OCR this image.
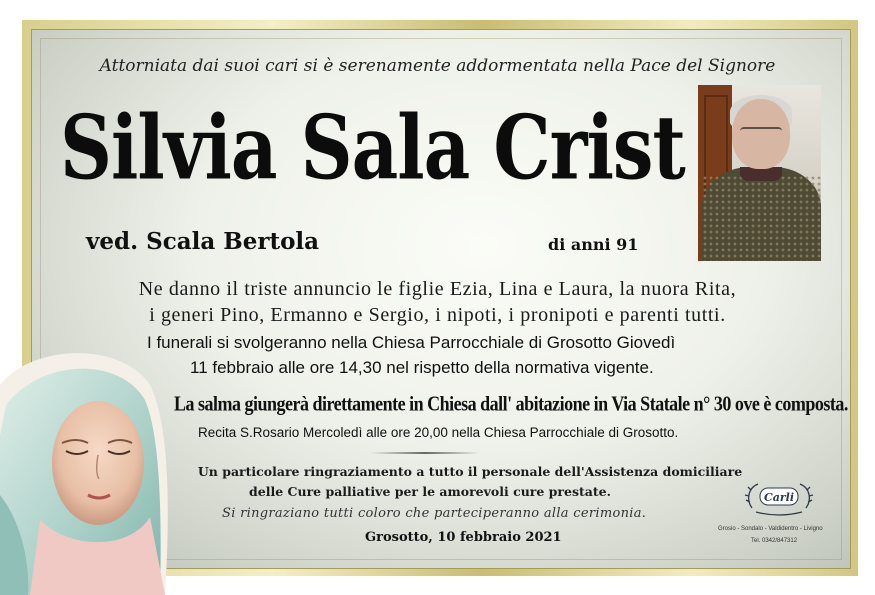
Attorniata dai suoi cari si è serenamente addormentata nella Pace del Signore
Silvia Sala Crist
ved. Scala Bertola	di anni 91
Ne danno il triste annuncio le figlie Ezia, Lina e Laura, la nuora Rita,
i generi Pino, Ermanno e Sergio, i nipoti, i pronipoti e parenti tutti.
I funerali si svolgeranno nella Chiesa Parrocchiale di Grosotto Giovedì
11 febbraio alle ore 14,30 nel rispetto della normativa vigente.
La salma giungerà direttamente in Chiesa dall' abitazione in Via Statale n° 30 ove è composta.
Recita S.Rosario Mercoledì alle ore 20,00 nella Chiesa Parrocchiale di Grosotto.
Un particolare ringraziamento a tutto il personale dell'Assistenza domiciliare
delle Cure palliative per le amorevoli cure prestate.
Si ringraziano tutti coloro che parteciperanno alla cerimonia.
Grosotto, 10 febbraio 2021
Carli
Grosio - Sondalo - Valdidentro - Livigno
Tel. 0342/847312
